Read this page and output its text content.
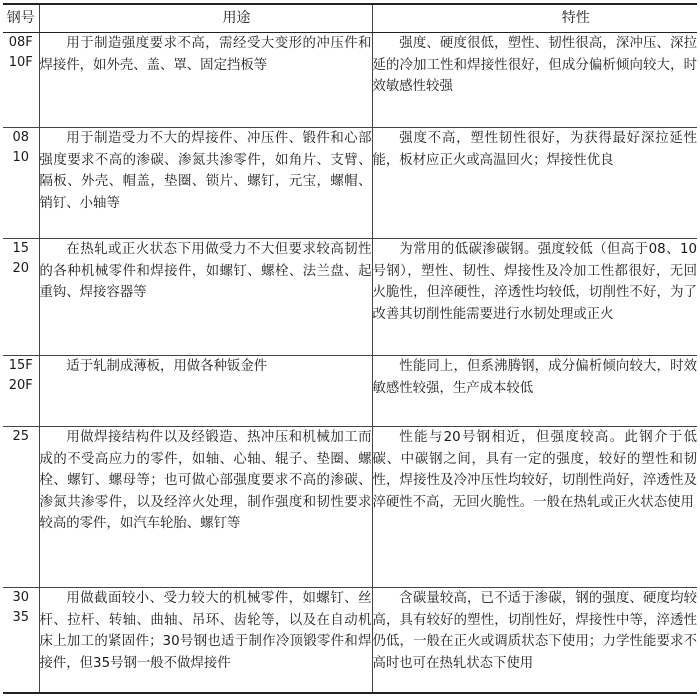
钢号	用途	特性
08F
10F	用于制造强度要求不高，需经受大变形的冲压件和焊接件，如外壳、盖、罩、固定挡板等	强度、硬度很低，塑性、韧性很高，深冲压、深拉延的冷加工性和焊接性很好，但成分偏析倾向较大，时效敏感性较强

08
10	用于制造受力不大的焊接件、冲压件、锻件和心部强度要求不高的渗碳、渗氮共渗零件，如角片、支臂、隔板、外壳、帽盖，垫圈、锁片、螺钉，元宝，螺帽、销钉、小轴等	强度不高，塑性韧性很好，为获得最好深拉延性能，板材应正火或高温回火；焊接性优良

15
20	在热轧或正火状态下用做受力不大但要求较高韧性的各种机械零件和焊接件，如螺钉、螺栓、法兰盘、起重钩、焊接容器等	为常用的低碳渗碳钢。强度较低（但高于08、10号钢），塑性、韧性、焊接性及冷加工性都很好，无回火脆性，但淬硬性，淬透性均较低，切削性不好，为了改善其切削性能需要进行水韧处理或正火

15F
20F	适于轧制成薄板，用做各种钣金件	性能同上，但系沸腾钢，成分偏析倾向较大，时效敏感性较强，生产成本较低

25	用做焊接结构件以及经锻造、热冲压和机械加工而成的不受高应力的零件，如轴、心轴、辊子、垫圈、螺栓、螺钉、螺母等；也可做心部强度要求不高的渗碳、渗氮共渗零件，以及经淬火处理，制作强度和韧性要求较高的零件，如汽车轮胎、螺钉等	性能与20号钢相近，但强度较高。此钢介于低碳、中碳钢之间，具有一定的强度，较好的塑性和韧性，焊接性及冷冲压性均较好，切削性尚好，淬透性及淬硬性不高，无回火脆性。一般在热轧或正火状态使用

30
35	用做截面较小、受力较大的机械零件，如螺钉、丝杆、拉杆、转轴、曲轴、吊环、齿轮等，以及在自动机床上加工的紧固件；30号钢也适于制作冷顶锻零件和焊接件，但35号钢一般不做焊接件	含碳量较高，已不适于渗碳，钢的强度、硬度均较高，具有较好的塑性，切削性好，焊接性中等，淬透性仍低，一般在正火或调质状态下使用；力学性能要求不高时也可在热轧状态下使用
